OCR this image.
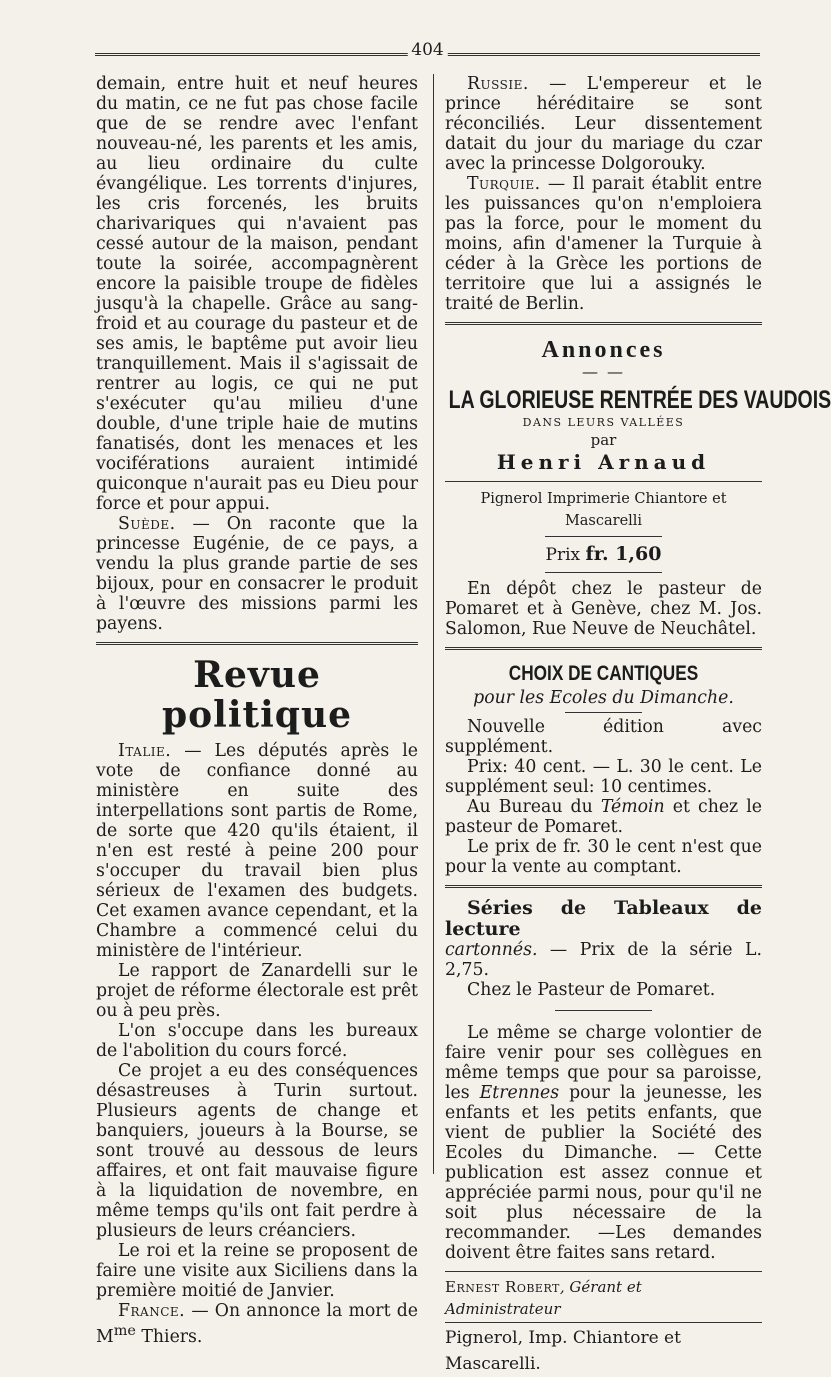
404

demain, entre huit et neuf heures du matin, ce ne fut pas chose facile que de se rendre avec l'enfant nouveau-né, les parents et les amis, au lieu ordinaire du culte évangélique. Les torrents d'injures, les cris forcenés, les bruits charivariques qui n'avaient pas cessé autour de la maison, pendant toute la soirée, accompagnèrent encore la paisible troupe de fidèles jusqu'à la chapelle. Grâce au sang-froid et au courage du pasteur et de ses amis, le baptême put avoir lieu tranquillement. Mais il s'agissait de rentrer au logis, ce qui ne put s'exécuter qu'au milieu d'une double, d'une triple haie de mutins fanatisés, dont les menaces et les vociférations auraient intimidé quiconque n'aurait pas eu Dieu pour force et pour appui.

Suède. — On raconte que la princesse Eugénie, de ce pays, a vendu la plus grande partie de ses bijoux, pour en consacrer le produit à l'œuvre des missions parmi les payens.

Revue politique

Italie. — Les députés après le vote de confiance donné au ministère en suite des interpellations sont partis de Rome, de sorte que 420 qu'ils étaient, il n'en est resté à peine 200 pour s'occuper du travail bien plus sérieux de l'examen des budgets. Cet examen avance cependant, et la Chambre a commencé celui du ministère de l'intérieur.

Le rapport de Zanardelli sur le projet de réforme électorale est prêt ou à peu près.

L'on s'occupe dans les bureaux de l'abolition du cours forcé.

Ce projet a eu des conséquences désastreuses à Turin surtout. Plusieurs agents de change et banquiers, joueurs à la Bourse, se sont trouvé au dessous de leurs affaires, et ont fait mauvaise figure à la liquidation de novembre, en même temps qu'ils ont fait perdre à plusieurs de leurs créanciers.

Le roi et la reine se proposent de faire une visite aux Siciliens dans la première moitié de Janvier.

France. — On annonce la mort de $M^{me}$ Thiers.

Russie. — L'empereur et le prince héréditaire se sont réconciliés. Leur dissentement datait du jour du mariage du czar avec la princesse Dolgorouky.

Turquie. — Il parait établit entre les puissances qu'on n'emploiera pas la force, pour le moment du moins, afin d'amener la Turquie à céder à la Grèce les portions de territoire que lui a assignés le traité de Berlin.

Annonces
— —
LA GLORIEUSE RENTRÉE DES VAUDOIS
DANS LEURS VALLÉES
par
Henri Arnaud
Pignerol Imprimerie Chiantore et Mascarelli
Prix fr. 1,60

En dépôt chez le pasteur de Pomaret et à Genève, chez M. Jos. Salomon, Rue Neuve de Neuchâtel.

CHOIX DE CANTIQUES
pour les Ecoles du Dimanche.

Nouvelle édition avec supplément.

Prix: 40 cent. — L. 30 le cent. Le supplément seul: 10 centimes.

Au Bureau du Témoin et chez le pasteur de Pomaret.

Le prix de fr. 30 le cent n'est que pour la vente au comptant.

Séries de Tableaux de lecture

cartonnés. — Prix de la série L. 2,75.

Chez le Pasteur de Pomaret.

Le même se charge volontier de faire venir pour ses collègues en même temps que pour sa paroisse, les Etrennes pour la jeunesse, les enfants et les petits enfants, que vient de publier la Société des Ecoles du Dimanche. — Cette publication est assez connue et appréciée parmi nous, pour qu'il ne soit plus nécessaire de la recommander. —Les demandes doivent être faites sans retard.

Ernest Robert, Gérant et Administrateur
Pignerol, Imp. Chiantore et Mascarelli.
